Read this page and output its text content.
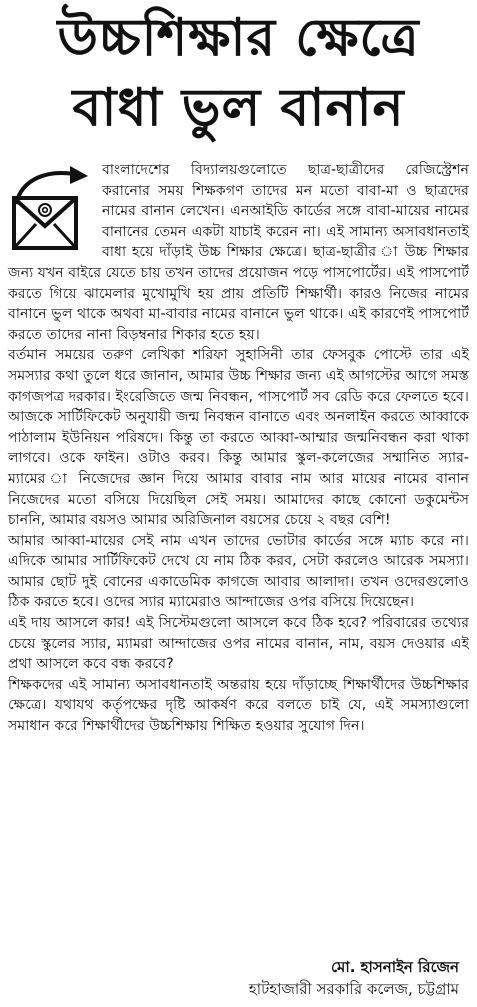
উচ্চশিক্ষার ক্ষেত্রে
বাধা ভুল বানান

বাংলাদেশের বিদ্যালয়গুলোতে ছাত্র-ছাত্রীদের রেজিস্ট্রেশন করানোর সময় শিক্ষকগণ তাদের মন মতো বাবা-মা ও ছাত্রদের নামের বানান লেখেন। এনআইডি কার্ডের সঙ্গে বাবা-মায়ের নামের বানানের তেমন একটা যাচাই করেন না। এই সামান্য অসাবধানতাই বাধা হয়ে দাঁড়াই উচ্চ শিক্ষার ক্ষেত্রে। ছাত্র-ছাত্রীর া উচ্চ শিক্ষার জন্য যখন বাইরে যেতে চায় তখন তাদের প্রয়োজন পড়ে পাসপোর্টের। এই পাসপোর্ট করতে গিয়ে ঝামেলার মুখোমুখি হয় প্রায় প্রতিটি শিক্ষার্থী। কারও নিজের নামের বানানে ভুল থাকে অথবা মা-বাবার নামের বানানে ভুল থাকে। এই কারণেই পাসপোর্ট করতে তাদের নানা বিড়ম্বনার শিকার হতে হয়।

বর্তমান সময়ের তরুণ লেখিকা শরিফা সুহাসিনী তার ফেসবুক পোস্টে তার এই সমস্যার কথা তুলে ধরে জানান, আমার উচ্চ শিক্ষার জন্য এই আগস্টের আগে সমস্ত কাগজপত্র দরকার। ইংরেজিতে জন্ম নিবন্ধন, পাসপোর্ট সব রেডি করে ফেলতে হবে। আজকে সার্টিফিকেট অনুযায়ী জন্ম নিবন্ধন বানাতে এবং অনলাইন করতে আব্বাকে পাঠালাম ইউনিয়ন পরিষদে। কিন্তু তা করতে আব্বা-আম্মার জন্মনিবন্ধন করা থাকা লাগবে। ওকে ফাইন। ওটাও করব। কিন্তু আমার স্কুল-কলেজের সম্মানিত স্যার-ম্যামের া নিজেদের জ্ঞান দিয়ে আমার বাবার নাম আর মায়ের নামের বানান নিজেদের মতো বসিয়ে দিয়েছিল সেই সময়। আমাদের কাছে কোনো ডকুমেন্টস চাননি, আমার বয়সও আমার অরিজিনাল বয়সের চেয়ে ২ বছর বেশি!

আমার আব্বা-মায়ের সেই নাম এখন তাদের ভোটার কার্ডের সঙ্গে ম্যাচ করে না। এদিকে আমার সার্টিফিকেট দেখে যে নাম ঠিক করব, সেটা করলেও আরেক সমস্যা। আমার ছোট দুই বোনের একাডেমিক কাগজে আবার আলাদা। তখন ওদেরগুলোও ঠিক করতে হবে। ওদের স্যার ম্যামেরাও আন্দাজের ওপর বসিয়ে দিয়েছেন।

এই দায় আসলে কার! এই সিস্টেমগুলো আসলে কবে ঠিক হবে? পরিবারের তথ্যের চেয়ে স্কুলের স্যার, ম্যামরা আন্দাজের ওপর নামের বানান, নাম, বয়স দেওয়ার এই প্রথা আসলে কবে বন্ধ করবে?

শিক্ষকদের এই সামান্য অসাবধানতাই অন্তরায় হয়ে দাঁড়াচ্ছে শিক্ষার্থীদের উচ্চশিক্ষার ক্ষেত্রে। যথাযথ কর্তৃপক্ষের দৃষ্টি আকর্ষণ করে বলতে চাই যে, এই সমস্যাগুলো সমাধান করে শিক্ষার্থীদের উচ্চশিক্ষায় শিক্ষিত হওয়ার সুযোগ দিন।

মো. হাসনাইন রিজেন
হাটহাজারী সরকারি কলেজ, চট্টগ্রাম
